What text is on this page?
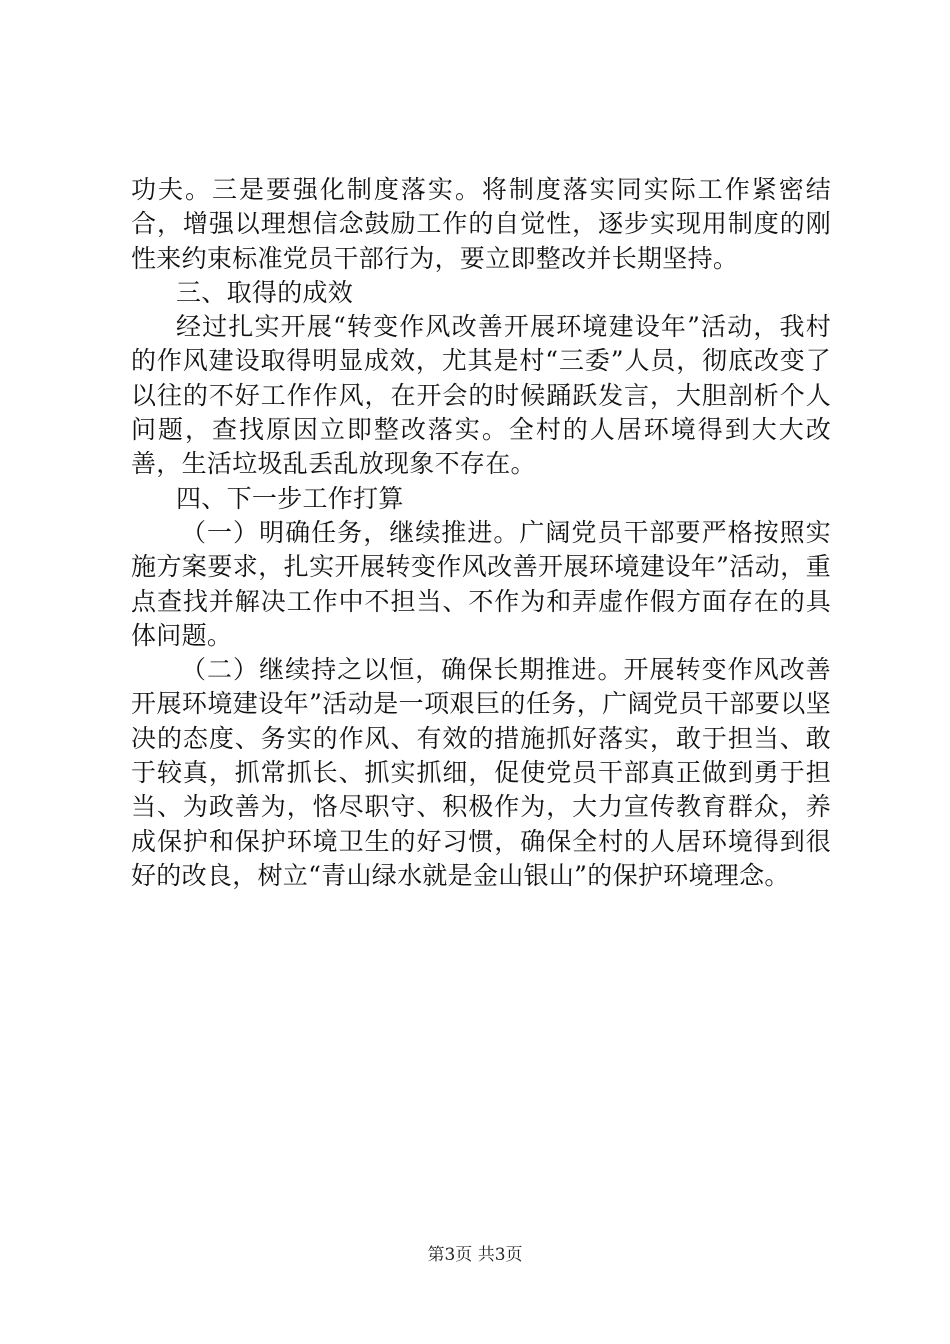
功夫。三是要强化制度落实。将制度落实同实际工作紧密结合，增强以理想信念鼓励工作的自觉性，逐步实现用制度的刚性来约束标准党员干部行为，要立即整改并长期坚持。

三、取得的成效

经过扎实开展“转变作风改善开展环境建设年”活动，我村的作风建设取得明显成效，尤其是村“三委”人员，彻底改变了以往的不好工作作风，在开会的时候踊跃发言，大胆剖析个人问题，查找原因立即整改落实。全村的人居环境得到大大改善，生活垃圾乱丢乱放现象不存在。

四、下一步工作打算

（一）明确任务，继续推进。广阔党员干部要严格按照实施方案要求，扎实开展转变作风改善开展环境建设年”活动，重点查找并解决工作中不担当、不作为和弄虚作假方面存在的具体问题。

（二）继续持之以恒，确保长期推进。开展转变作风改善开展环境建设年”活动是一项艰巨的任务，广阔党员干部要以坚决的态度、务实的作风、有效的措施抓好落实，敢于担当、敢于较真，抓常抓长、抓实抓细，促使党员干部真正做到勇于担当、为政善为，恪尽职守、积极作为，大力宣传教育群众，养成保护和保护环境卫生的好习惯，确保全村的人居环境得到很好的改良，树立“青山绿水就是金山银山”的保护环境理念。

第3页 共3页
